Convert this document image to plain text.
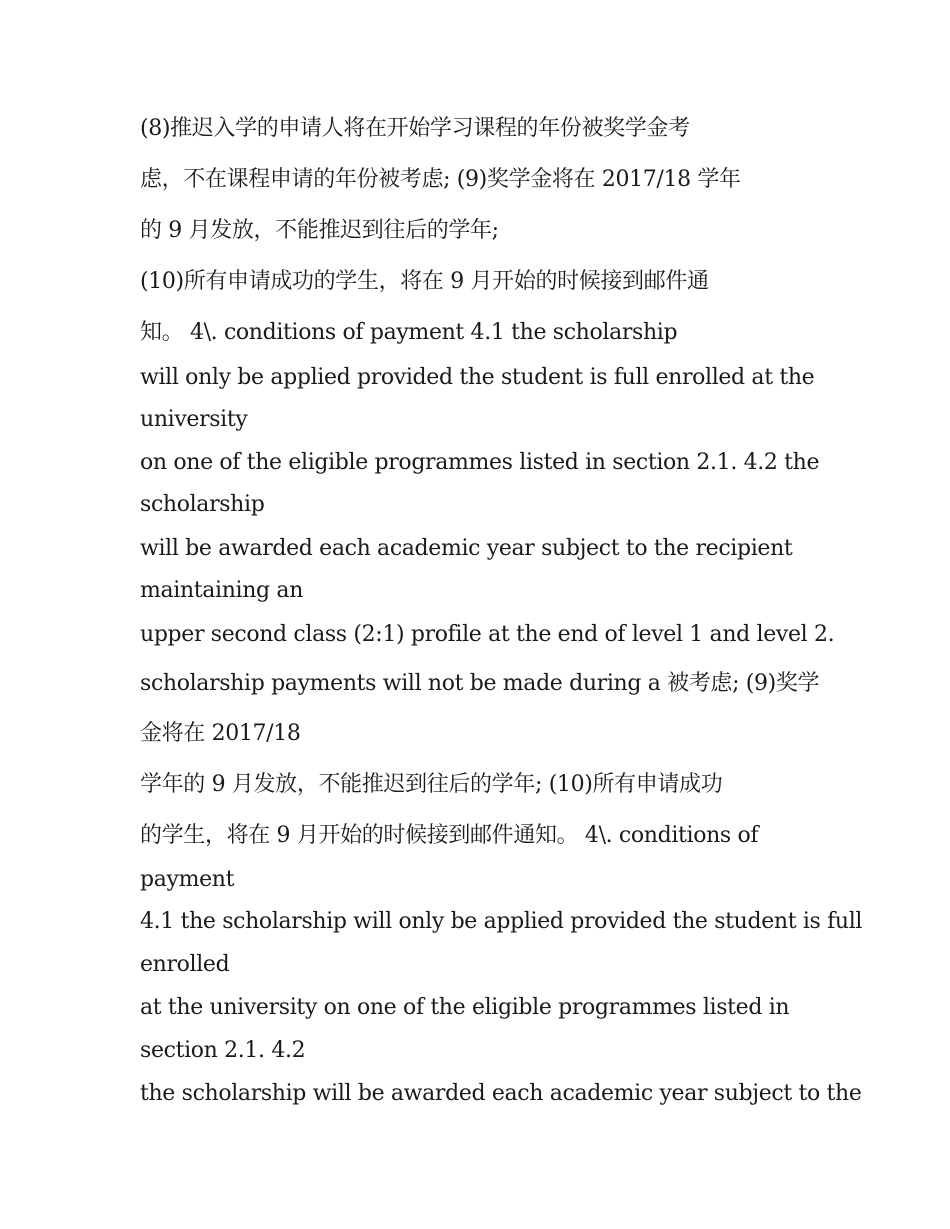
(8)推迟入学的申请人将在开始学习课程的年份被奖学金考
虑，不在课程申请的年份被考虑; (9)奖学金将在 2017/18 学年
的 9 月发放，不能推迟到往后的学年;
(10)所有申请成功的学生，将在 9 月开始的时候接到邮件通
知。 4\. conditions of payment 4.1 the scholarship
will only be applied provided the student is full enrolled at the
university
on one of the eligible programmes listed in section 2.1. 4.2 the
scholarship
will be awarded each academic year subject to the recipient
maintaining an
upper second class (2:1) profile at the end of level 1 and level 2.
scholarship payments will not be made during a 被考虑; (9)奖学
金将在 2017/18
学年的 9 月发放，不能推迟到往后的学年; (10)所有申请成功
的学生，将在 9 月开始的时候接到邮件通知。 4\. conditions of
payment
4.1 the scholarship will only be applied provided the student is full
enrolled
at the university on one of the eligible programmes listed in
section 2.1. 4.2
the scholarship will be awarded each academic year subject to the
